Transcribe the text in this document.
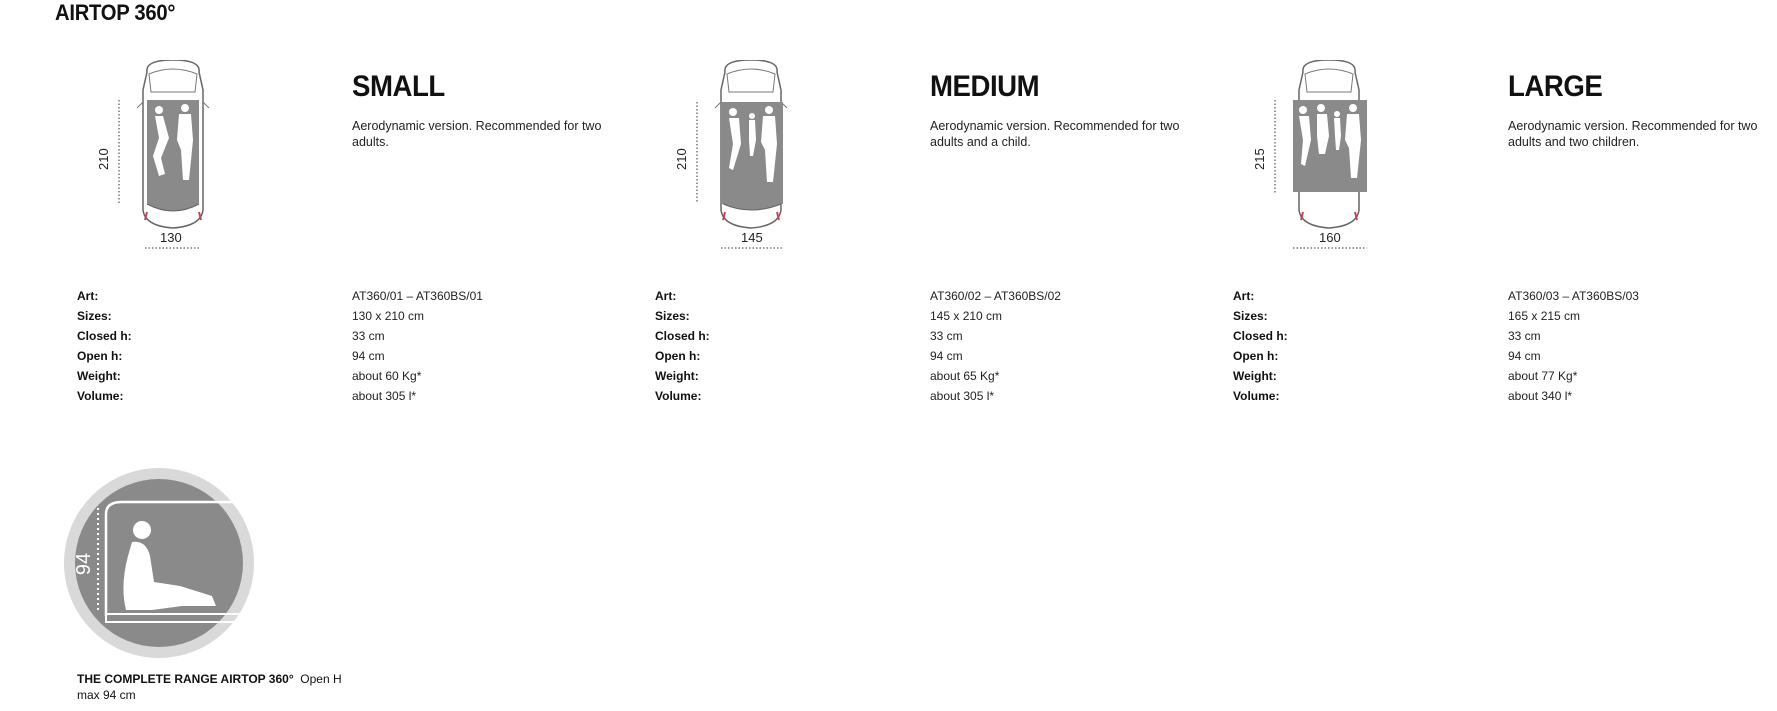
AIRTOP 360°
210
130
SMALL
Aerodynamic version. Recommended for two adults.
Art:
Sizes:
Closed h:
Open h:
Weight:
Volume:
AT360/01 – AT360BS/01
130 x 210 cm
33 cm
94 cm
about 60 Kg*
about 305 l*
210
145
MEDIUM
Aerodynamic version. Recommended for two adults and a child.
Art:
Sizes:
Closed h:
Open h:
Weight:
Volume:
AT360/02 – AT360BS/02
145 x 210 cm
33 cm
94 cm
about 65 Kg*
about 305 l*
215
160
LARGE
Aerodynamic version. Recommended for two adults and two children.
Art:
Sizes:
Closed h:
Open h:
Weight:
Volume:
AT360/03 – AT360BS/03
165 x 215 cm
33 cm
94 cm
about 77 Kg*
about 340 l*
94
THE COMPLETE RANGE AIRTOP 360° Open H max 94 cm
